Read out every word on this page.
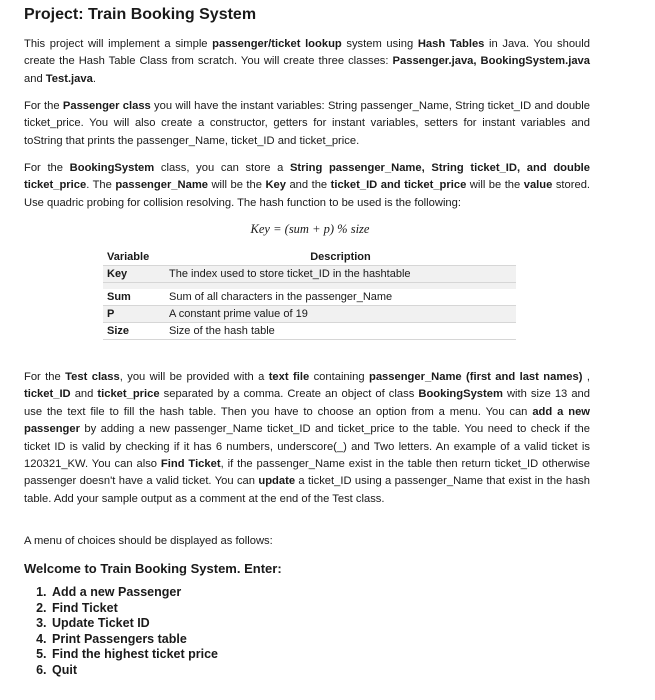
Project: Train Booking System

This project will implement a simple passenger/ticket lookup system using Hash Tables in Java. You should create the Hash Table Class from scratch. You will create three classes: Passenger.java, BookingSystem.java and Test.java.

For the Passenger class you will have the instant variables: String passenger_Name, String ticket_ID and double ticket_price. You will also create a constructor, getters for instant variables, setters for instant variables and toString that prints the passenger_Name, ticket_ID and ticket_price.

For the BookingSystem class, you can store a String passenger_Name, String ticket_ID, and double ticket_price. The passenger_Name will be the Key and the ticket_ID and ticket_price will be the value stored. Use quadric probing for collision resolving. The hash function to be used is the following:

Key = (sum + p) % size

Variable	Description
Key	The index used to store ticket_ID in the hashtable

Sum	Sum of all characters in the passenger_Name
P	A constant prime value of 19
Size	Size of the hash table

For the Test class, you will be provided with a text file containing passenger_Name (first and last names) , ticket_ID and ticket_price separated by a comma. Create an object of class BookingSystem with size 13 and use the text file to fill the hash table. Then you have to choose an option from a menu. You can add a new passenger by adding a new passenger_Name ticket_ID and ticket_price to the table. You need to check if the ticket ID is valid by checking if it has 6 numbers, underscore(_) and Two letters. An example of a valid ticket is 120321_KW. You can also Find Ticket, if the passenger_Name exist in the table then return ticket_ID otherwise passenger doesn't have a valid ticket. You can update a ticket_ID using a passenger_Name that exist in the hash table. Add your sample output as a comment at the end of the Test class.

A menu of choices should be displayed as follows:

Welcome to Train Booking System. Enter:

1. Add a new Passenger
2. Find Ticket
3. Update Ticket ID
4. Print Passengers table
5. Find the highest ticket price
6. Quit
